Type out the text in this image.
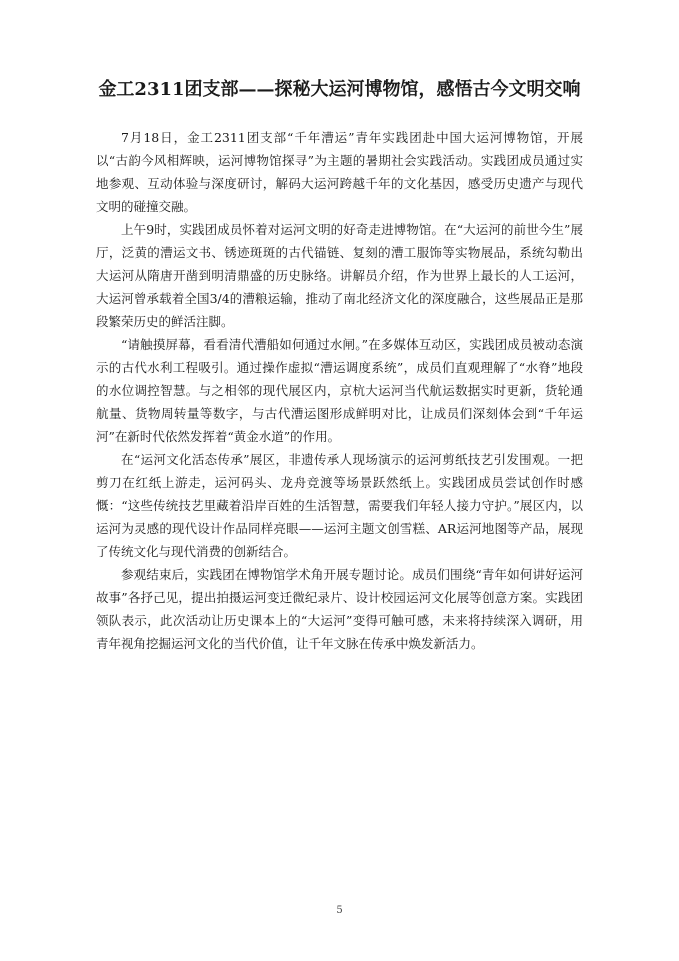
金工2311团支部——探秘大运河博物馆，感悟古今文明交响

7月18日，金工2311团支部“千年漕运”青年实践团赴中国大运河博物馆，开展以“古韵今风相辉映，运河博物馆探寻”为主题的暑期社会实践活动。实践团成员通过实地参观、互动体验与深度研讨，解码大运河跨越千年的文化基因，感受历史遗产与现代文明的碰撞交融。

上午9时，实践团成员怀着对运河文明的好奇走进博物馆。在“大运河的前世今生”展厅，泛黄的漕运文书、锈迹斑斑的古代锚链、复刻的漕工服饰等实物展品，系统勾勒出大运河从隋唐开凿到明清鼎盛的历史脉络。讲解员介绍，作为世界上最长的人工运河，大运河曾承载着全国3/4的漕粮运输，推动了南北经济文化的深度融合，这些展品正是那段繁荣历史的鲜活注脚。

“请触摸屏幕，看看清代漕船如何通过水闸。”在多媒体互动区，实践团成员被动态演示的古代水利工程吸引。通过操作虚拟“漕运调度系统”，成员们直观理解了“水脊”地段的水位调控智慧。与之相邻的现代展区内，京杭大运河当代航运数据实时更新，货轮通航量、货物周转量等数字，与古代漕运图形成鲜明对比，让成员们深刻体会到“千年运河”在新时代依然发挥着“黄金水道”的作用。

在“运河文化活态传承”展区，非遗传承人现场演示的运河剪纸技艺引发围观。一把剪刀在红纸上游走，运河码头、龙舟竞渡等场景跃然纸上。实践团成员尝试创作时感慨：“这些传统技艺里藏着沿岸百姓的生活智慧，需要我们年轻人接力守护。”展区内，以运河为灵感的现代设计作品同样亮眼——运河主题文创雪糕、AR运河地图等产品，展现了传统文化与现代消费的创新结合。

参观结束后，实践团在博物馆学术角开展专题讨论。成员们围绕“青年如何讲好运河故事”各抒己见，提出拍摄运河变迁微纪录片、设计校园运河文化展等创意方案。实践团领队表示，此次活动让历史课本上的“大运河”变得可触可感，未来将持续深入调研，用青年视角挖掘运河文化的当代价值，让千年文脉在传承中焕发新活力。

5
